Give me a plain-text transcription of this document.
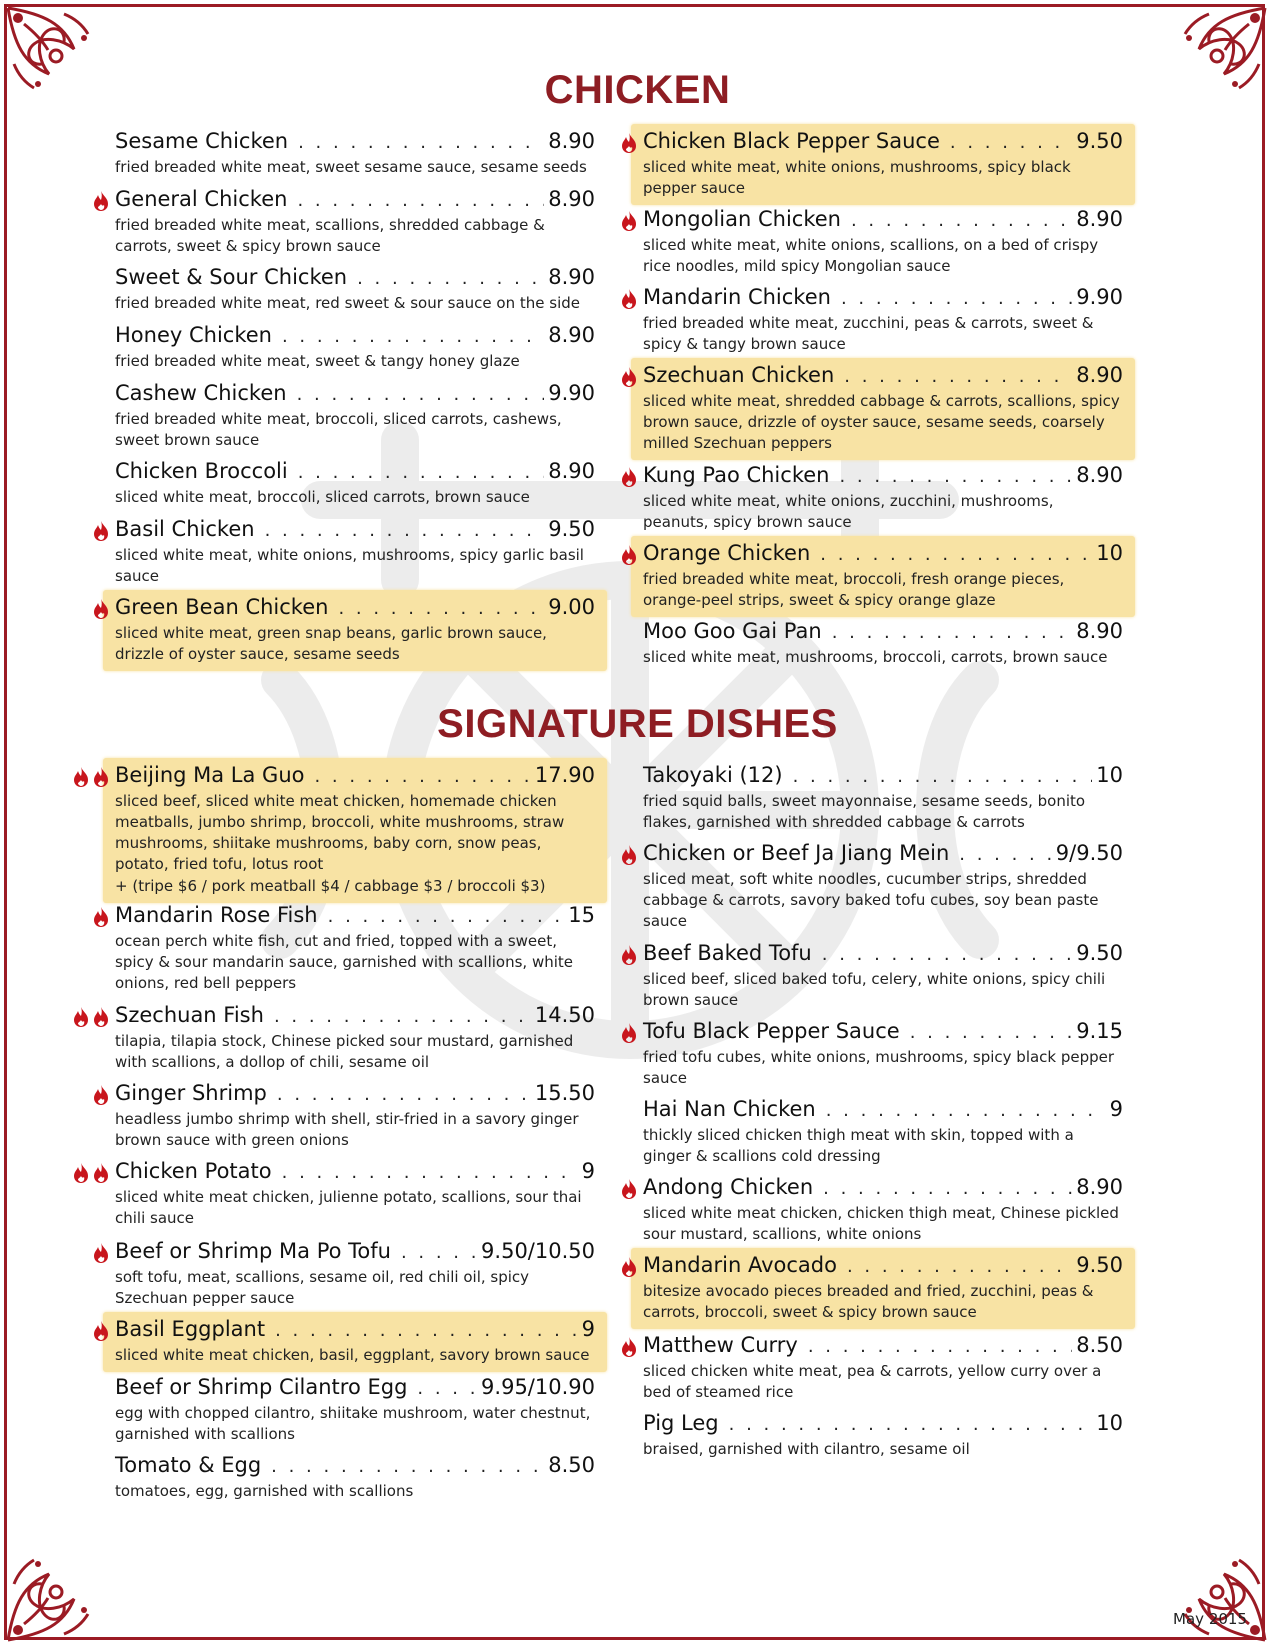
CHICKEN
Sesame Chicken . . .	8.90
fried breaded white meat, sweet sesame sauce, sesame seeds
General Chicken . . .	8.90
fried breaded white meat, scallions, shredded cabbage & carrots, sweet & spicy brown sauce
Sweet & Sour Chicken . . .	8.90
fried breaded white meat, red sweet & sour sauce on the side
Honey Chicken . . .	8.90
fried breaded white meat, sweet & tangy honey glaze
Cashew Chicken . . .	9.90
fried breaded white meat, broccoli, sliced carrots, cashews, sweet brown sauce
Chicken Broccoli . . .	8.90
sliced white meat, broccoli, sliced carrots, brown sauce
Basil Chicken . . .	9.50
sliced white meat, white onions, mushrooms, spicy garlic basil sauce
Green Bean Chicken . . .	9.00
sliced white meat, green snap beans, garlic brown sauce, drizzle of oyster sauce, sesame seeds
Chicken Black Pepper Sauce . . .	9.50
sliced white meat, white onions, mushrooms, spicy black pepper sauce
Mongolian Chicken . . .	8.90
sliced white meat, white onions, scallions, on a bed of crispy rice noodles, mild spicy Mongolian sauce
Mandarin Chicken . . .	9.90
fried breaded white meat, zucchini, peas & carrots, sweet & spicy & tangy brown sauce
Szechuan Chicken . . .	8.90
sliced white meat, shredded cabbage & carrots, scallions, spicy brown sauce, drizzle of oyster sauce, sesame seeds, coarsely milled Szechuan peppers
Kung Pao Chicken . . .	8.90
sliced white meat, white onions, zucchini, mushrooms, peanuts, spicy brown sauce
Orange Chicken . . .	10
fried breaded white meat, broccoli, fresh orange pieces, orange-peel strips, sweet & spicy orange glaze
Moo Goo Gai Pan . . .	8.90
sliced white meat, mushrooms, broccoli, carrots, brown sauce
SIGNATURE DISHES
Beijing Ma La Guo . . .	17.90
sliced beef, sliced white meat chicken, homemade chicken meatballs, jumbo shrimp, broccoli, white mushrooms, straw mushrooms, shiitake mushrooms, baby corn, snow peas, potato, fried tofu, lotus root
+ (tripe $6 / pork meatball $4 / cabbage $3 / broccoli $3)
Mandarin Rose Fish . . .	15
ocean perch white fish, cut and fried, topped with a sweet, spicy & sour mandarin sauce, garnished with scallions, white onions, red bell peppers
Szechuan Fish . . .	14.50
tilapia, tilapia stock, Chinese picked sour mustard, garnished with scallions, a dollop of chili, sesame oil
Ginger Shrimp . . .	15.50
headless jumbo shrimp with shell, stir-fried in a savory ginger brown sauce with green onions
Chicken Potato . . .	9
sliced white meat chicken, julienne potato, scallions, sour thai chili sauce
Beef or Shrimp Ma Po Tofu . . .	9.50/10.50
soft tofu, meat, scallions, sesame oil, red chili oil, spicy Szechuan pepper sauce
Basil Eggplant . . .	9
sliced white meat chicken, basil, eggplant, savory brown sauce
Beef or Shrimp Cilantro Egg . . .	9.95/10.90
egg with chopped cilantro, shiitake mushroom, water chestnut, garnished with scallions
Tomato & Egg . . .	8.50
tomatoes, egg, garnished with scallions
Takoyaki (12) . . .	10
fried squid balls, sweet mayonnaise, sesame seeds, bonito flakes, garnished with shredded cabbage & carrots
Chicken or Beef Ja Jiang Mein . . .	9/9.50
sliced meat, soft white noodles, cucumber strips, shredded cabbage & carrots, savory baked tofu cubes, soy bean paste sauce
Beef Baked Tofu . . .	9.50
sliced beef, sliced baked tofu, celery, white onions, spicy chili brown sauce
Tofu Black Pepper Sauce . . .	9.15
fried tofu cubes, white onions, mushrooms, spicy black pepper sauce
Hai Nan Chicken . . .	9
thickly sliced chicken thigh meat with skin, topped with a ginger & scallions cold dressing
Andong Chicken . . .	8.90
sliced white meat chicken, chicken thigh meat, Chinese pickled sour mustard, scallions, white onions
Mandarin Avocado . . .	9.50
bitesize avocado pieces breaded and fried, zucchini, peas & carrots, broccoli, sweet & spicy brown sauce
Matthew Curry . . .	8.50
sliced chicken white meat, pea & carrots, yellow curry over a bed of steamed rice
Pig Leg . . .	10
braised, garnished with cilantro, sesame oil
May 2015
